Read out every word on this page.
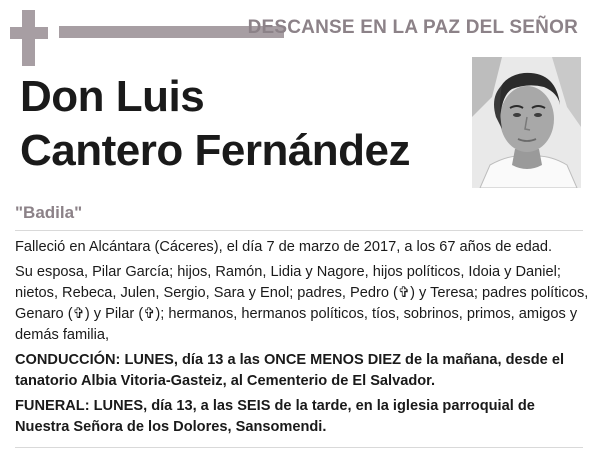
DESCANSE EN LA PAZ DEL SEÑOR
Don Luis
Cantero Fernández
"Badila"

Falleció en Alcántara (Cáceres), el día 7 de marzo de 2017, a los 67 años de edad.

Su esposa, Pilar García; hijos, Ramón, Lidia y Nagore, hijos políticos, Idoia y Daniel; nietos, Rebeca, Julen, Sergio, Sara y Enol; padres, Pedro (✞) y Teresa; padres políticos, Genaro (✞) y Pilar (✞); hermanos, hermanos políticos, tíos, sobrinos, primos, amigos y demás familia,

CONDUCCIÓN: LUNES, día 13 a las ONCE MENOS DIEZ de la mañana, desde el tanatorio Albia Vitoria-Gasteiz, al Cementerio de El Salvador.

FUNERAL: LUNES, día 13, a las SEIS de la tarde, en la iglesia parroquial de Nuestra Señora de los Dolores, Sansomendi.
